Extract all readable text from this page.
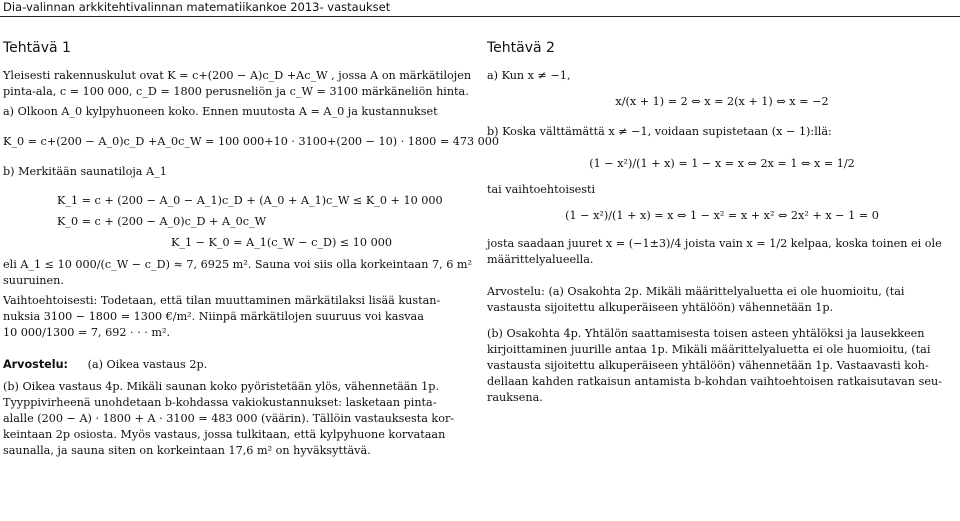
Dia-valinnan arkkitehtivalinnan matematiikankoe 2013- vastaukset

Tehtävä 1

Yleisesti rakennuskulut ovat K = c+(200 − A)c_D +Ac_W , jossa A on märkätilojen
pinta-ala, c = 100 000, c_D = 1800 perusneliön ja c_W = 3100 märkäneliön hinta.
a) Olkoon A_0 kylpyhuoneen koko. Ennen muutosta A = A_0 ja kustannukset
K_0 = c+(200 − A_0)c_D +A_0c_W = 100 000+10 · 3100+(200 − 10) · 1800 = 473 000
b) Merkitään saunatiloja A_1
K_1 = c + (200 − A_0 − A_1)c_D + (A_0 + A_1)c_W ≤ K_0 + 10 000
K_0 = c + (200 − A_0)c_D + A_0c_W
K_1 − K_0 = A_1(c_W − c_D) ≤ 10 000
eli A_1 ≤ 10 000/(c_W − c_D) ≈ 7, 6925 m². Sauna voi siis olla korkeintaan 7, 6 m²
suuruinen.
Vaihtoehtoisesti: Todetaan, että tilan muuttaminen märkätilaksi lisää kustan-
nuksia 3100 − 1800 = 1300 €/m². Niinpä märkätilojen suuruus voi kasvaa
10 000/1300 = 7, 692 · · · m².
Arvostelu: (a) Oikea vastaus 2p.
(b) Oikea vastaus 4p. Mikäli saunan koko pyöristetään ylös, vähennetään 1p.
Tyyppivirheenä unohdetaan b-kohdassa vakiokustannukset: lasketaan pinta-
alalle (200 − A) · 1800 + A · 3100 = 483 000 (väärin). Tällöin vastauksesta kor-
keintaan 2p osiosta. Myös vastaus, jossa tulkitaan, että kylpyhuone korvataan
saunalla, ja sauna siten on korkeintaan 17,6 m² on hyväksyttävä.

Tehtävä 2

a) Kun x ≠ −1,
x/(x + 1) = 2 ⇔ x = 2(x + 1) ⇔ x = −2
b) Koska välttämättä x ≠ −1, voidaan supistetaan (x − 1):llä:
(1 − x²)/(1 + x) = 1 − x = x ⇔ 2x = 1 ⇔ x = 1/2
tai vaihtoehtoisesti
(1 − x²)/(1 + x) = x ⇔ 1 − x² = x + x² ⇔ 2x² + x − 1 = 0
josta saadaan juuret x = (−1±3)/4 joista vain x = 1/2 kelpaa, koska toinen ei ole
määrittelyalueella.
Arvostelu: (a) Osakohta 2p. Mikäli määrittelyaluetta ei ole huomioitu, (tai
vastausta sijoitettu alkuperäiseen yhtälöön) vähennetään 1p.
(b) Osakohta 4p. Yhtälön saattamisesta toisen asteen yhtälöksi ja lausekkeen
kirjoittaminen juurille antaa 1p. Mikäli määrittelyaluetta ei ole huomioitu, (tai
vastausta sijoitettu alkuperäiseen yhtälöön) vähennetään 1p. Vastaavasti koh-
dellaan kahden ratkaisun antamista b-kohdan vaihtoehtoisen ratkaisutavan seu-
rauksena.
